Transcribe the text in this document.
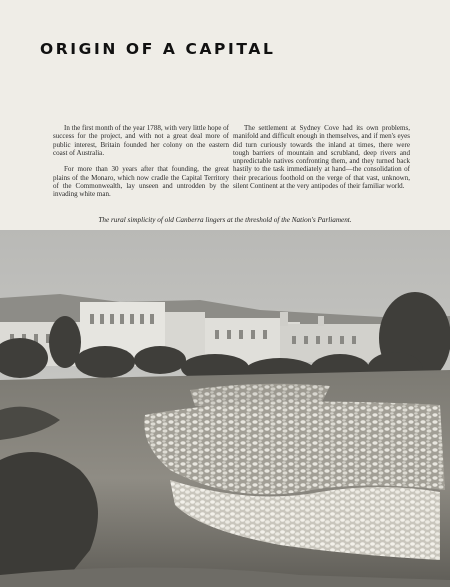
ORIGIN OF A CAPITAL

In the first month of the year 1788, with very little hope of success for the project, and with not a great deal more of public interest, Britain founded her colony on the eastern coast of Australia.

For more than 30 years after that founding, the great plains of the Monaro, which now cradle the Capital Territory of the Commonwealth, lay unseen and untrodden by the invading white man.

The settlement at Sydney Cove had its own problems, manifold and difficult enough in themselves, and if men's eyes did turn curiously towards the inland at times, there were tough barriers of mountain and scrubland, deep rivers and unpredictable natives confronting them, and they turned back hastily to the task immediately at hand—the consolidation of their precarious foothold on the verge of that vast, unknown, silent Continent at the very antipodes of their familiar world.

The rural simplicity of old Canberra lingers at the threshold of the Nation's Parliament.
